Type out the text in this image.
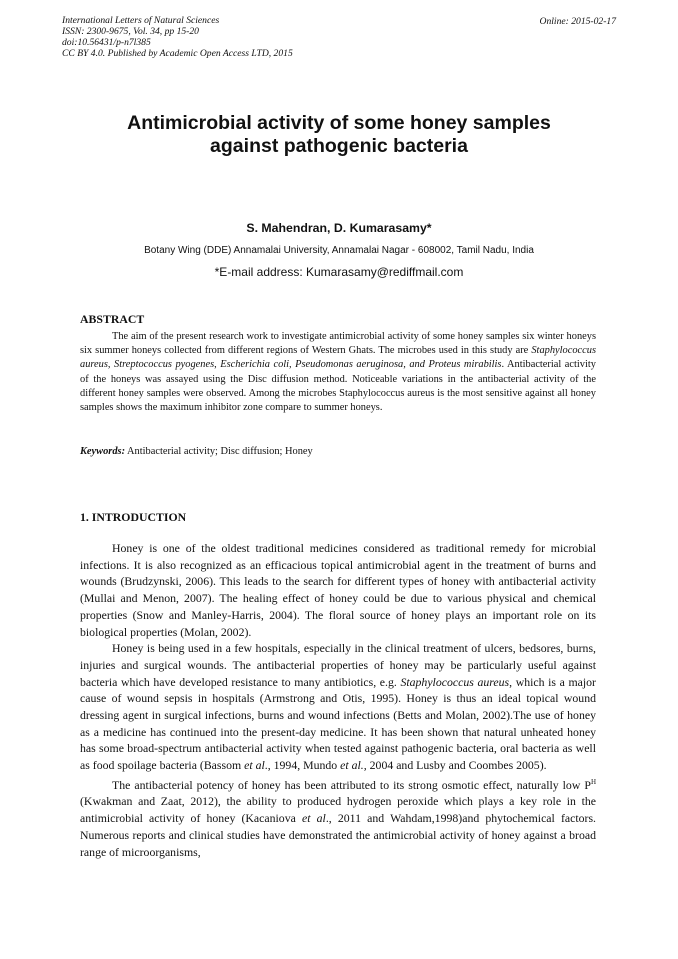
International Letters of Natural Sciences
ISSN: 2300-9675, Vol. 34, pp 15-20
doi:10.56431/p-n7l385
CC BY 4.0. Published by Academic Open Access LTD, 2015
Online: 2015-02-17
Antimicrobial activity of some honey samples
against pathogenic bacteria
S. Mahendran, D. Kumarasamy*
Botany Wing (DDE) Annamalai University, Annamalai Nagar - 608002, Tamil Nadu, India
*E-mail address: Kumarasamy@rediffmail.com
ABSTRACT

The aim of the present research work to investigate antimicrobial activity of some honey samples six winter honeys six summer honeys collected from different regions of Western Ghats. The microbes used in this study are Staphylococcus aureus, Streptococcus pyogenes, Escherichia coli, Pseudomonas aeruginosa, and Proteus mirabilis. Antibacterial activity of the honeys was assayed using the Disc diffusion method. Noticeable variations in the antibacterial activity of the different honey samples were observed. Among the microbes Staphylococcus aureus is the most sensitive against all honey samples shows the maximum inhibitor zone compare to summer honeys.

Keywords: Antibacterial activity; Disc diffusion; Honey
1. INTRODUCTION

Honey is one of the oldest traditional medicines considered as traditional remedy for microbial infections. It is also recognized as an efficacious topical antimicrobial agent in the treatment of burns and wounds (Brudzynski, 2006). This leads to the search for different types of honey with antibacterial activity (Mullai and Menon, 2007). The healing effect of honey could be due to various physical and chemical properties (Snow and Manley-Harris, 2004). The floral source of honey plays an important role on its biological properties (Molan, 2002).

Honey is being used in a few hospitals, especially in the clinical treatment of ulcers, bedsores, burns, injuries and surgical wounds. The antibacterial properties of honey may be particularly useful against bacteria which have developed resistance to many antibiotics, e.g. Staphylococcus aureus, which is a major cause of wound sepsis in hospitals (Armstrong and Otis, 1995). Honey is thus an ideal topical wound dressing agent in surgical infections, burns and wound infections (Betts and Molan, 2002).The use of honey as a medicine has continued into the present-day medicine. It has been shown that natural unheated honey has some broad-spectrum antibacterial activity when tested against pathogenic bacteria, oral bacteria as well as food spoilage bacteria (Bassom et al., 1994, Mundo et al., 2004 and Lusby and Coombes 2005).

The antibacterial potency of honey has been attributed to its strong osmotic effect, naturally low $P^H$ (Kwakman and Zaat, 2012), the ability to produced hydrogen peroxide which plays a key role in the antimicrobial activity of honey (Kacaniova et al., 2011 and Wahdam,1998)and phytochemical factors. Numerous reports and clinical studies have demonstrated the antimicrobial activity of honey against a broad range of microorganisms,
